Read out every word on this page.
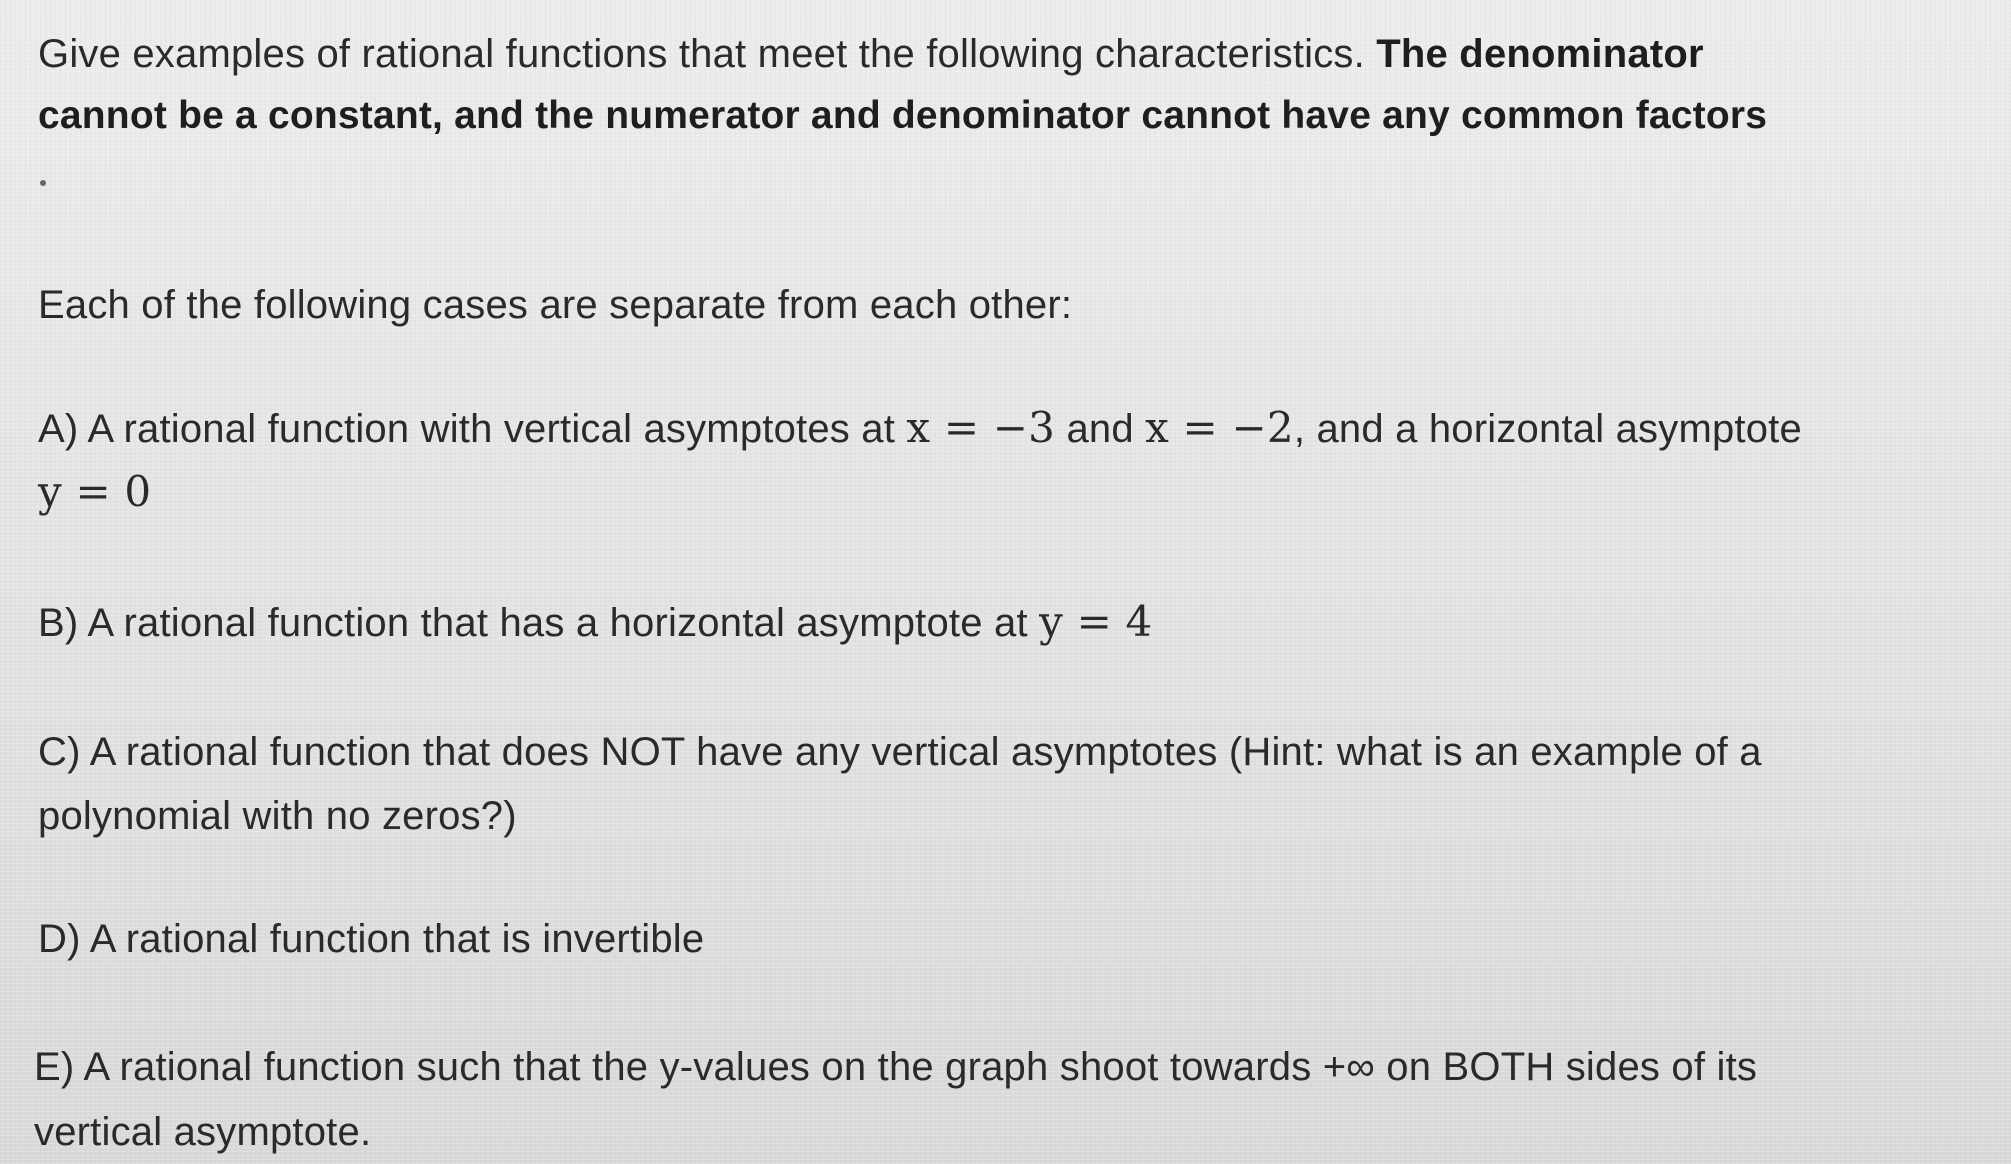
Give examples of rational functions that meet the following characteristics. The denominator
cannot be a constant, and the numerator and denominator cannot have any common factors
Each of the following cases are separate from each other:
A) A rational function with vertical asymptotes at x = −3 and x = −2, and a horizontal asymptote
y = 0
B) A rational function that has a horizontal asymptote at y = 4
C) A rational function that does NOT have any vertical asymptotes (Hint: what is an example of a
polynomial with no zeros?)
D) A rational function that is invertible
E) A rational function such that the y-values on the graph shoot towards +∞ on BOTH sides of its
vertical asymptote.
